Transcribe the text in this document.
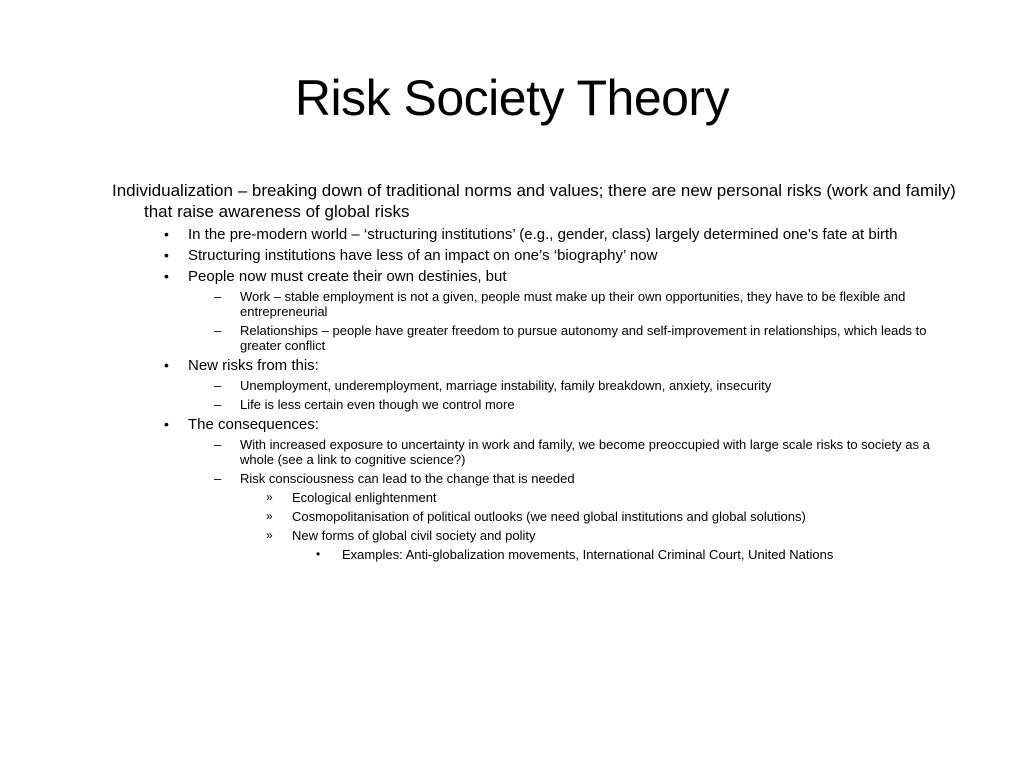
Risk Society Theory
Individualization – breaking down of traditional norms and values; there are new personal risks (work and family) that raise awareness of global risks
• In the pre-modern world – ‘structuring institutions’ (e.g., gender, class) largely determined one’s fate at birth
• Structuring institutions have less of an impact on one’s ‘biography’ now
• People now must create their own destinies, but
– Work – stable employment is not a given, people must make up their own opportunities, they have to be flexible and entrepreneurial
– Relationships – people have greater freedom to pursue autonomy and self-improvement in relationships, which leads to greater conflict
• New risks from this:
– Unemployment, underemployment, marriage instability, family breakdown, anxiety, insecurity
– Life is less certain even though we control more
• The consequences:
– With increased exposure to uncertainty in work and family, we become preoccupied with large scale risks to society as a whole (see a link to cognitive science?)
– Risk consciousness can lead to the change that is needed
» Ecological enlightenment
» Cosmopolitanisation of political outlooks (we need global institutions and global solutions)
» New forms of global civil society and polity
• Examples: Anti-globalization movements, International Criminal Court, United Nations
